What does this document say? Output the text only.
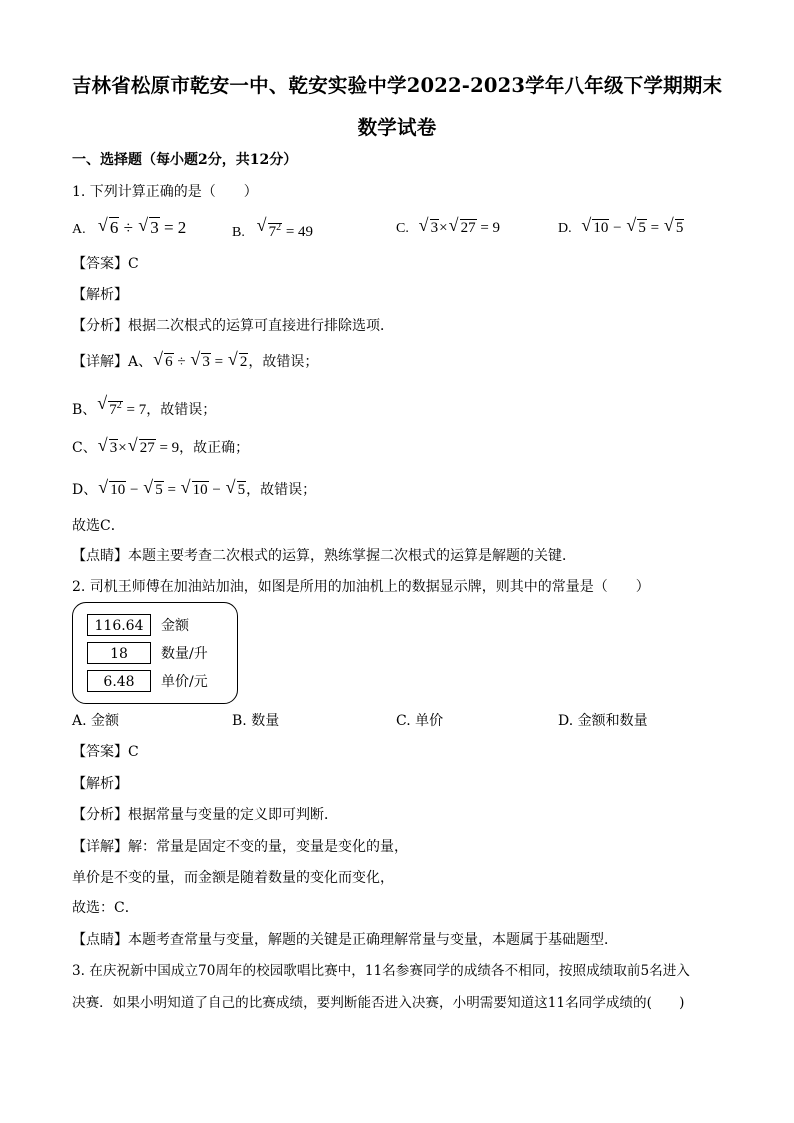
吉林省松原市乾安一中、乾安实验中学2022-2023学年八年级下学期期末
数学试卷
一、选择题（每小题2分，共12分）
1. 下列计算正确的是（　　）
A. √ 6 ÷ √ 3 = 2	B. √ $7^2 = 49$	C. √ 3× √ 27 = 9	D. √ 10 − √ 5 = √ 5
【答案】C
【解析】
【分析】根据二次根式的运算可直接进行排除选项．
【详解】A、 √ 6 ÷ √ 3 = √ 2，故错误；
B、 √ $7^2 = 7$，故错误；
C、 √ 3× √ 27 = 9，故正确；
D、 √ 10 − √ 5 = √ 10 − √ 5，故错误；
故选C．
【点睛】本题主要考查二次根式的运算，熟练掌握二次根式的运算是解题的关键．
2. 司机王师傅在加油站加油，如图是所用的加油机上的数据显示牌，则其中的常量是（　　）
116.64	金额
18	数量/升
6.48	单价/元
A. 金额	B. 数量	C. 单价	D. 金额和数量
【答案】C
【解析】
【分析】根据常量与变量的定义即可判断．
【详解】解：常量是固定不变的量，变量是变化的量，
单价是不变的量，而金额是随着数量的变化而变化，
故选：C．
【点睛】本题考查常量与变量，解题的关键是正确理解常量与变量，本题属于基础题型．
3. 在庆祝新中国成立70周年的校园歌唱比赛中，11名参赛同学的成绩各不相同，按照成绩取前5名进入
决赛．如果小明知道了自己的比赛成绩，要判断能否进入决赛，小明需要知道这11名同学成绩的(　　)
